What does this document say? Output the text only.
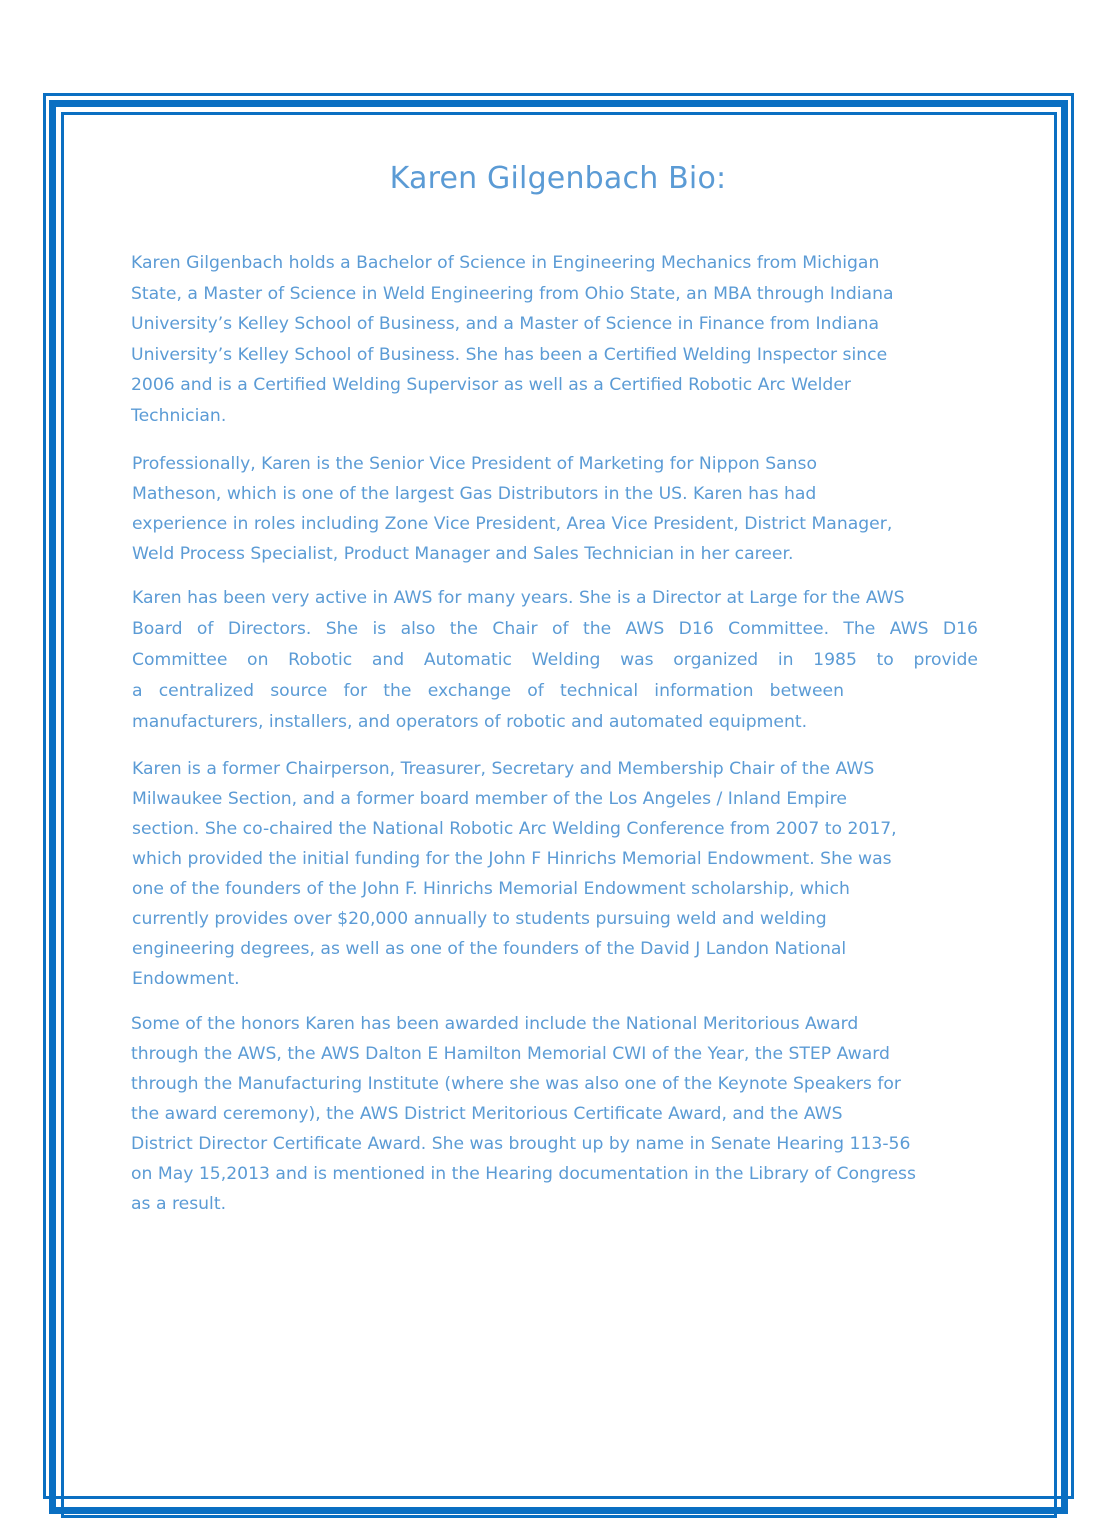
Karen Gilgenbach Bio:
Karen Gilgenbach holds a Bachelor of Science in Engineering Mechanics from Michigan
State, a Master of Science in Weld Engineering from Ohio State, an MBA through Indiana
University’s Kelley School of Business, and a Master of Science in Finance from Indiana
University’s Kelley School of Business. She has been a Certified Welding Inspector since
2006 and is a Certified Welding Supervisor as well as a Certified Robotic Arc Welder
Technician.
Professionally, Karen is the Senior Vice President of Marketing for Nippon Sanso
Matheson, which is one of the largest Gas Distributors in the US. Karen has had
experience in roles including Zone Vice President, Area Vice President, District Manager,
Weld Process Specialist, Product Manager and Sales Technician in her career.
Karen has been very active in AWS for many years. She is a Director at Large for the AWS
Board of Directors. She is also the Chair of the AWS D16 Committee. The AWS D16
Committee on Robotic and Automatic Welding was organized in 1985 to provide
a centralized source for the exchange of technical information between
manufacturers, installers, and operators of robotic and automated equipment.
Karen is a former Chairperson, Treasurer, Secretary and Membership Chair of the AWS
Milwaukee Section, and a former board member of the Los Angeles / Inland Empire
section. She co-chaired the National Robotic Arc Welding Conference from 2007 to 2017,
which provided the initial funding for the John F Hinrichs Memorial Endowment. She was
one of the founders of the John F. Hinrichs Memorial Endowment scholarship, which
currently provides over $20,000 annually to students pursuing weld and welding
engineering degrees, as well as one of the founders of the David J Landon National
Endowment.
Some of the honors Karen has been awarded include the National Meritorious Award
through the AWS, the AWS Dalton E Hamilton Memorial CWI of the Year, the STEP Award
through the Manufacturing Institute (where she was also one of the Keynote Speakers for
the award ceremony), the AWS District Meritorious Certificate Award, and the AWS
District Director Certificate Award. She was brought up by name in Senate Hearing 113-56
on May 15,2013 and is mentioned in the Hearing documentation in the Library of Congress
as a result.
